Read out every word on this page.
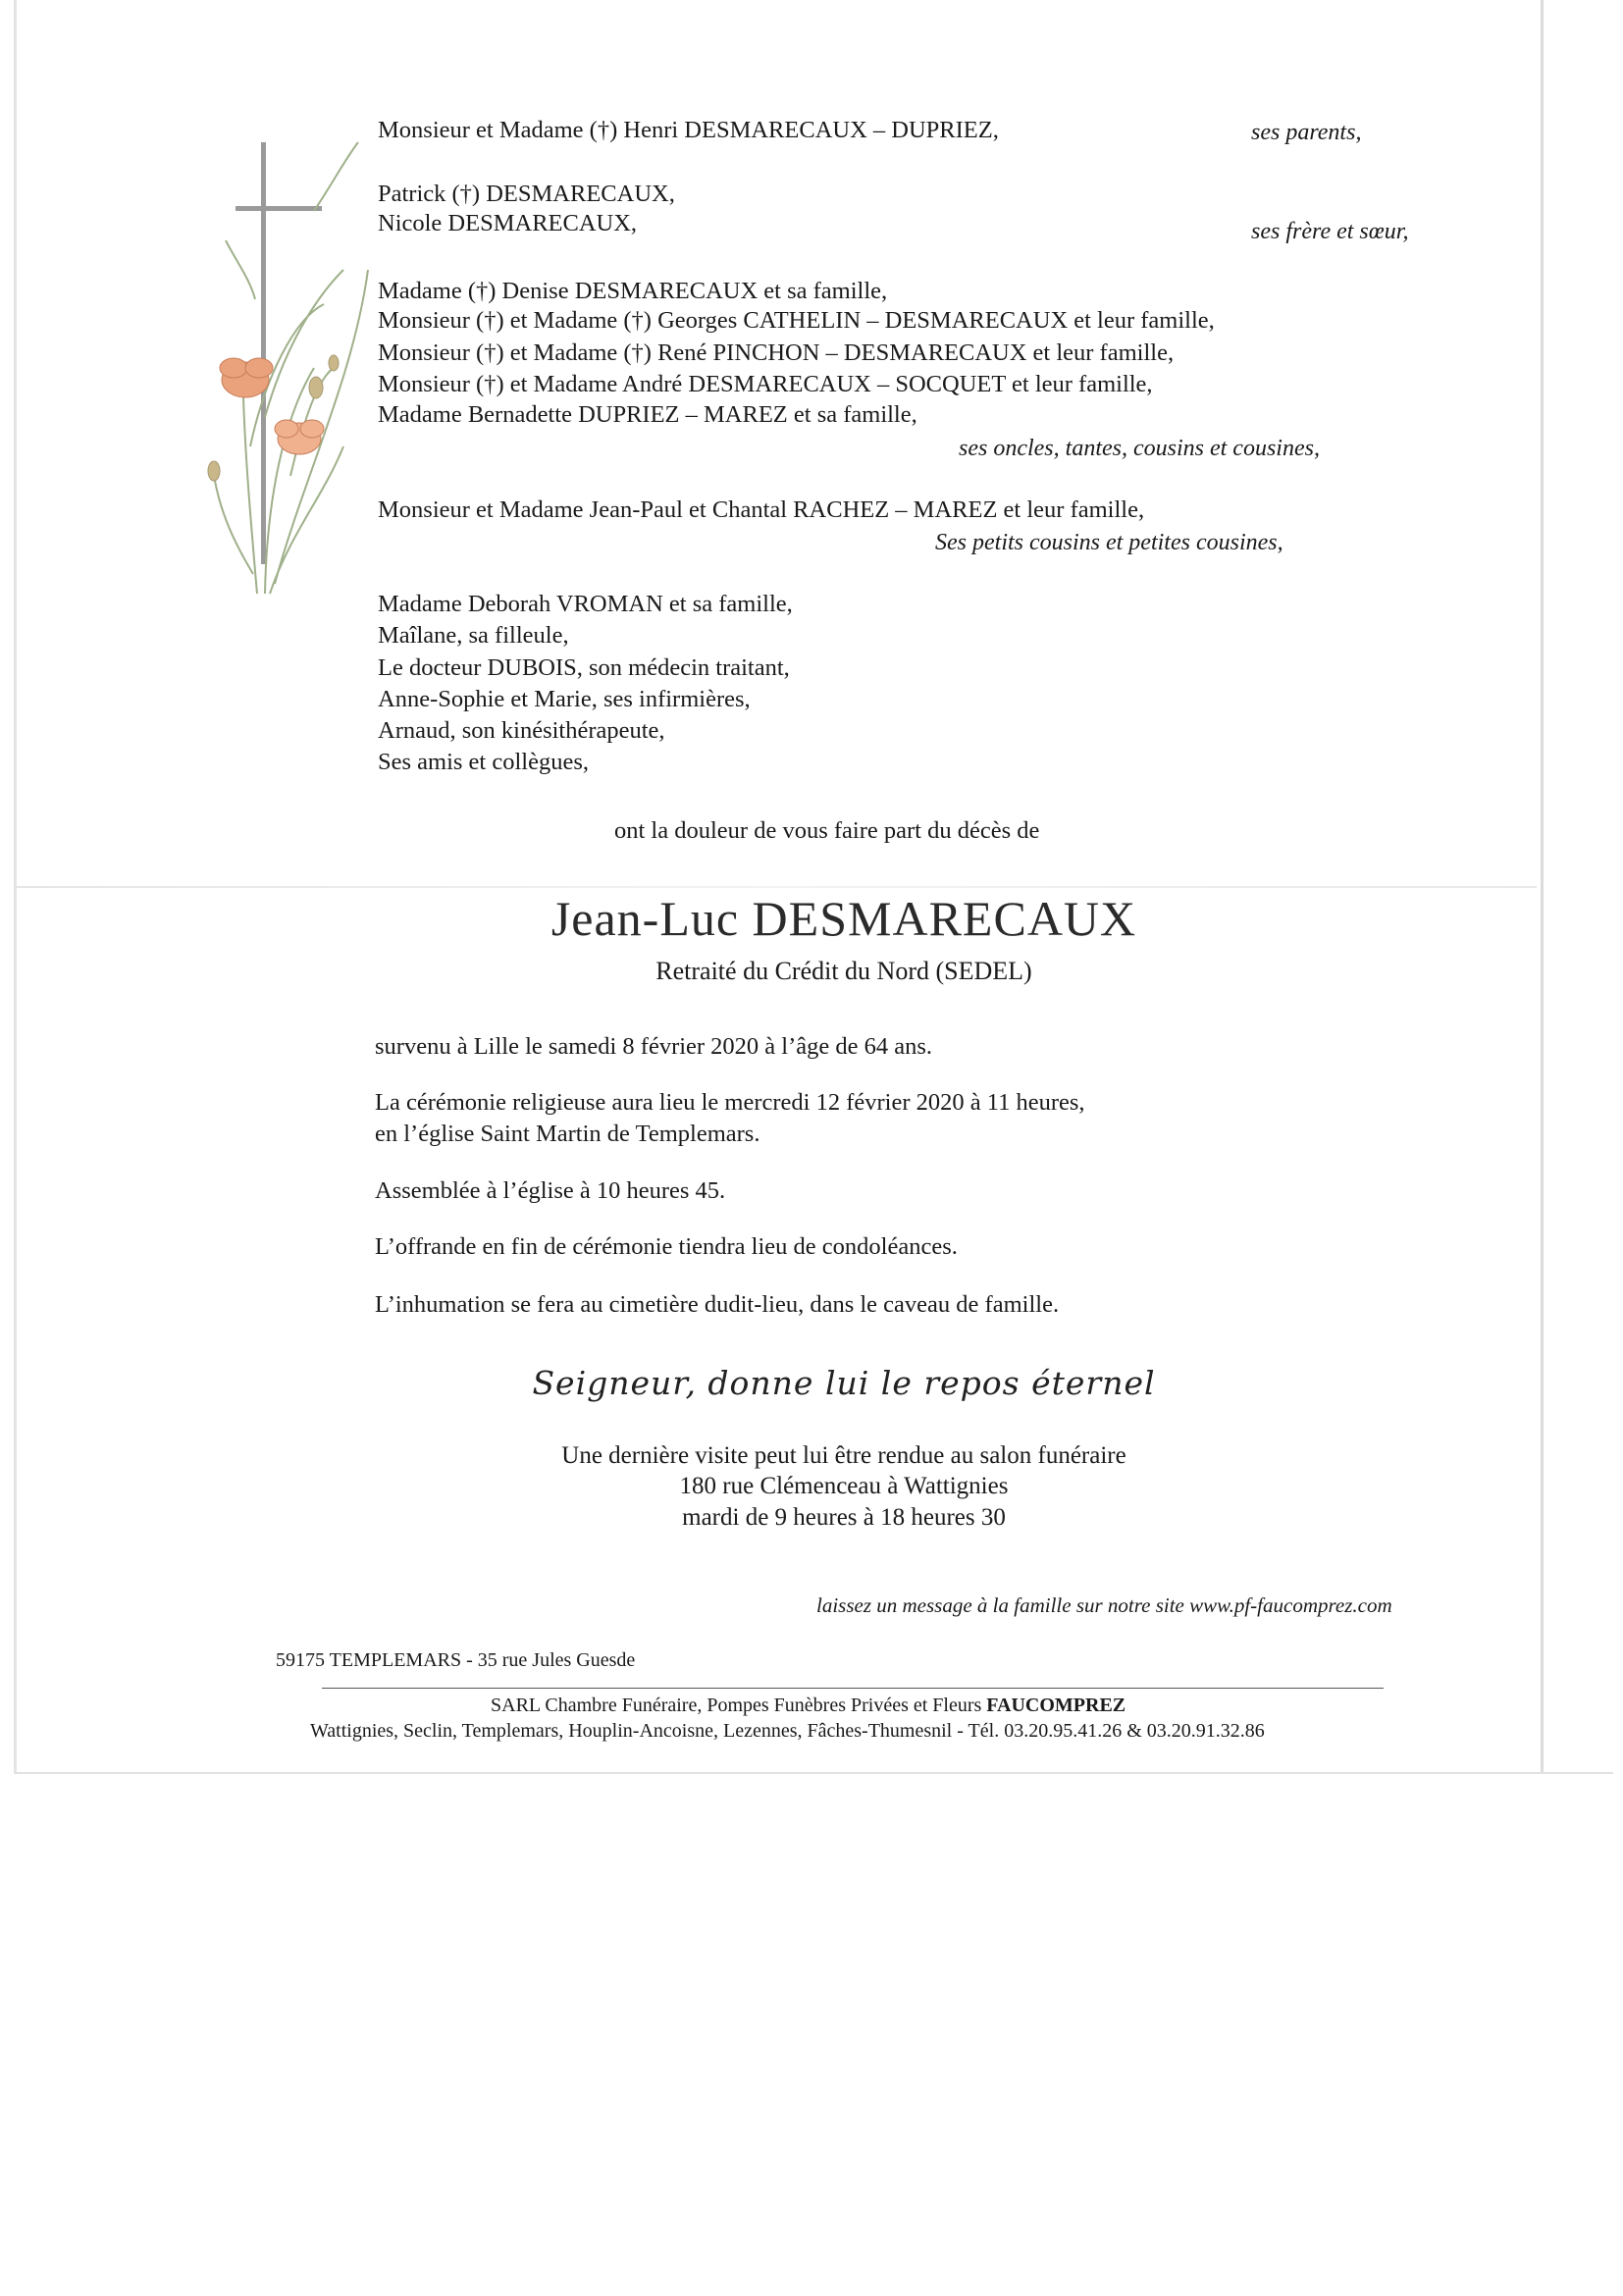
Monsieur et Madame (†) Henri DESMARECAUX – DUPRIEZ,	ses parents,
Patrick (†) DESMARECAUX,
Nicole DESMARECAUX,	ses frère et sœur,
Madame (†) Denise DESMARECAUX et sa famille,
Monsieur (†) et Madame (†) Georges CATHELIN – DESMARECAUX et leur famille,
Monsieur (†) et Madame (†) René PINCHON – DESMARECAUX et leur famille,
Monsieur (†) et Madame André DESMARECAUX – SOCQUET et leur famille,
Madame Bernadette DUPRIEZ – MAREZ et sa famille,
ses oncles, tantes, cousins et cousines,
Monsieur et Madame Jean-Paul et Chantal RACHEZ – MAREZ et leur famille,
Ses petits cousins et petites cousines,
Madame Deborah VROMAN et sa famille,
Maîlane, sa filleule,
Le docteur DUBOIS, son médecin traitant,
Anne-Sophie et Marie, ses infirmières,
Arnaud, son kinésithérapeute,
Ses amis et collègues,
ont la douleur de vous faire part du décès de
Jean-Luc DESMARECAUX
Retraité du Crédit du Nord (SEDEL)
survenu à Lille le samedi 8 février 2020 à l’âge de 64 ans.
La cérémonie religieuse aura lieu le mercredi 12 février 2020 à 11 heures,
en l’église Saint Martin de Templemars.
Assemblée à l’église à 10 heures 45.
L’offrande en fin de cérémonie tiendra lieu de condoléances.
L’inhumation se fera au cimetière dudit-lieu, dans le caveau de famille.
Seigneur, donne lui le repos éternel
Une dernière visite peut lui être rendue au salon funéraire
180 rue Clémenceau à Wattignies
mardi de 9 heures à 18 heures 30
laissez un message à la famille sur notre site www.pf-faucomprez.com
59175 TEMPLEMARS - 35 rue Jules Guesde
SARL Chambre Funéraire, Pompes Funèbres Privées et Fleurs FAUCOMPREZ
Wattignies, Seclin, Templemars, Houplin-Ancoisne, Lezennes, Fâches-Thumesnil - Tél. 03.20.95.41.26 & 03.20.91.32.86
